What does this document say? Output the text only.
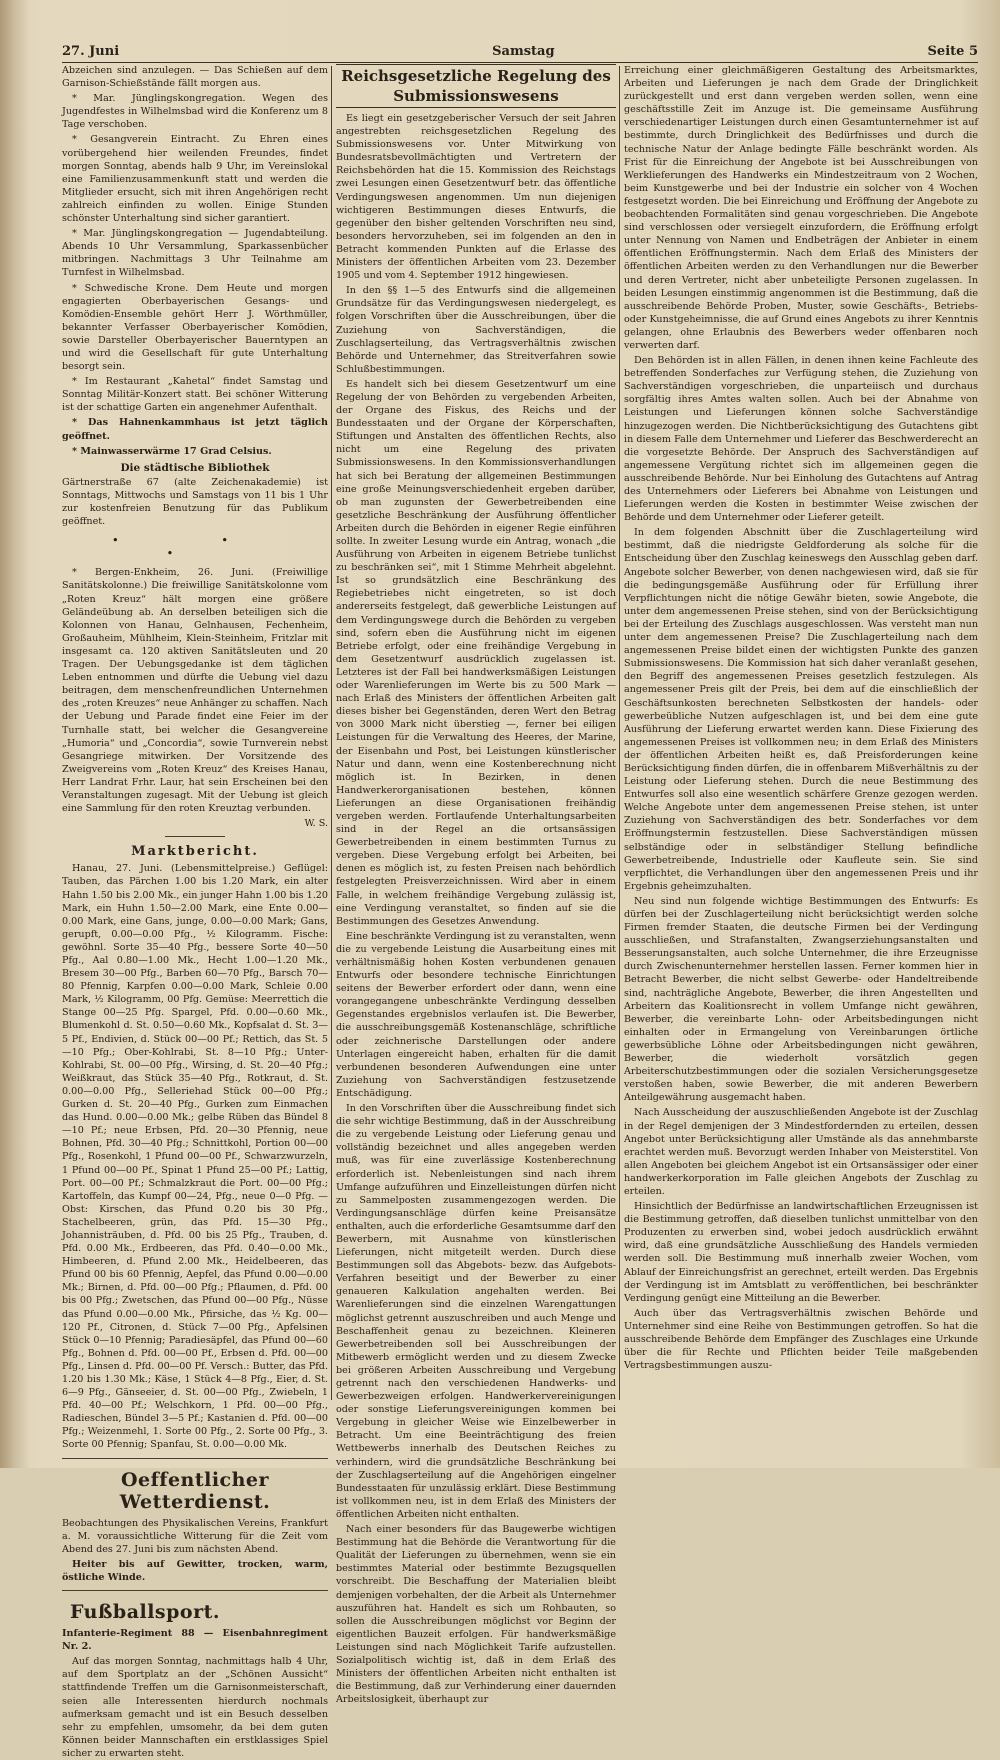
27. Juni	Samstag	Seite 5

Abzeichen sind anzulegen. — Das Schießen auf dem Garnison-Schießstände fällt morgen aus.

* Mar. Jünglingskongregation. Wegen des Jugendfestes in Wilhelmsbad wird die Konferenz um 8 Tage verschoben.

* Gesangverein Eintracht. Zu Ehren eines vorübergehend hier weilenden Freundes, findet morgen Sonntag, abends halb 9 Uhr, im Vereinslokal eine Familienzusammenkunft statt und werden die Mitglieder ersucht, sich mit ihren Angehörigen recht zahlreich einfinden zu wollen. Einige Stunden schönster Unterhaltung sind sicher garantiert.

* Mar. Jünglingskongregation — Jugendabteilung. Abends 10 Uhr Versammlung, Sparkassenbücher mitbringen. Nachmittags 3 Uhr Teilnahme am Turnfest in Wilhelmsbad.

* Schwedische Krone. Dem Heute und morgen engagierten Oberbayerischen Gesangs- und Komödien-Ensemble gehört Herr J. Wörthmüller, bekannter Verfasser Oberbayerischer Komödien, sowie Darsteller Oberbayerischer Bauerntypen an und wird die Gesellschaft für gute Unterhaltung besorgt sein.

* Im Restaurant „Kahetal“ findet Samstag und Sonntag Militär-Konzert statt. Bei schöner Witterung ist der schattige Garten ein angenehmer Aufenthalt.

* Das Hahnenkammhaus ist jetzt täglich geöffnet.

* Mainwasserwärme 17 Grad Celsius.

Die städtische Bibliothek

Gärtnerstraße 67 (alte Zeichenakademie) ist Sonntags, Mittwochs und Samstags von 11 bis 1 Uhr zur kostenfreien Benutzung für das Publikum geöffnet.

• • •

* Bergen-Enkheim, 26. Juni. (Freiwillige Sanitätskolonne.) Die freiwillige Sanitätskolonne vom „Roten Kreuz“ hält morgen eine größere Geländeübung ab. An derselben beteiligen sich die Kolonnen von Hanau, Gelnhausen, Fechenheim, Großauheim, Mühlheim, Klein-Steinheim, Fritzlar mit insgesamt ca. 120 aktiven Sanitätsleuten und 20 Tragen. Der Uebungsgedanke ist dem täglichen Leben entnommen und dürfte die Uebung viel dazu beitragen, dem menschenfreundlichen Unternehmen des „roten Kreuzes“ neue Anhänger zu schaffen. Nach der Uebung und Parade findet eine Feier im der Turnhalle statt, bei welcher die Gesangvereine „Humoria“ und „Concordia“, sowie Turnverein nebst Gesangriege mitwirken. Der Vorsitzende des Zweigvereins vom „Roten Kreuz“ des Kreises Hanau, Herr Landrat Frhr. Laur, hat sein Erscheinen bei den Veranstaltungen zugesagt. Mit der Uebung ist gleich eine Sammlung für den roten Kreuztag verbunden.

W. S.

Marktbericht.

Hanau, 27. Juni. (Lebensmittelpreise.) Geflügel: Tauben, das Pärchen 1.00 bis 1.20 Mark, ein alter Hahn 1.50 bis 2.00 Mk., ein junger Hahn 1.00 bis 1.20 Mark, ein Huhn 1.50—2.00 Mark, eine Ente 0.00—0.00 Mark, eine Gans, junge, 0.00—0.00 Mark; Gans, gerupft, 0.00—0.00 Pfg., ½ Kilogramm. Fische: gewöhnl. Sorte 35—40 Pfg., bessere Sorte 40—50 Pfg., Aal 0.80—1.00 Mk., Hecht 1.00—1.20 Mk., Bresem 30—00 Pfg., Barben 60—70 Pfg., Barsch 70—80 Pfennig, Karpfen 0.00—0.00 Mark, Schleie 0.00 Mark, ½ Kilogramm, 00 Pfg. Gemüse: Meerrettich die Stange 00—25 Pfg. Spargel, Pfd. 0.00—0.60 Mk., Blumenkohl d. St. 0.50—0.60 Mk., Kopfsalat d. St. 3—5 Pf., Endivien, d. Stück 00—00 Pf.; Rettich, das St. 5—10 Pfg.; Ober-Kohlrabi, St. 8—10 Pfg.; Unter-Kohlrabi, St. 00—00 Pfg., Wirsing, d. St. 20—40 Pfg.; Weißkraut, das Stück 35—40 Pfg., Rotkraut, d. St. 0.00—0.00 Pfg., Selleriehad Stück 00—00 Pfg.; Gurken d. St. 20—40 Pfg., Gurken zum Einmachen das Hund. 0.00—0.00 Mk.; gelbe Rüben das Bündel 8—10 Pf.; neue Erbsen, Pfd. 20—30 Pfennig, neue Bohnen, Pfd. 30—40 Pfg.; Schnittkohl, Portion 00—00 Pfg., Rosenkohl, 1 Pfund 00—00 Pf., Schwarzwurzeln, 1 Pfund 00—00 Pf., Spinat 1 Pfund 25—00 Pf.; Lattig, Port. 00—00 Pf.; Schmalzkraut die Port. 00—00 Pfg.; Kartoffeln, das Kumpf 00—24, Pfg., neue 0—0 Pfg. — Obst: Kirschen, das Pfund 0.20 bis 30 Pfg., Stachelbeeren, grün, das Pfd. 15—30 Pfg., Johannisträuben, d. Pfd. 00 bis 25 Pfg., Trauben, d. Pfd. 0.00 Mk., Erdbeeren, das Pfd. 0.40—0.00 Mk., Himbeeren, d. Pfund 2.00 Mk., Heidelbeeren, das Pfund 00 bis 60 Pfennig, Aepfel, das Pfund 0.00—0.00 Mk.; Birnen, d. Pfd. 00—00 Pfg.; Pflaumen, d. Pfd. 00 bis 00 Pfg.; Zwetschen, das Pfund 00—00 Pfg., Nüsse das Pfund 0.00—0.00 Mk., Pfirsiche, das ½ Kg. 00—120 Pf., Citronen, d. Stück 7—00 Pfg., Apfelsinen Stück 0—10 Pfennig; Paradiesäpfel, das Pfund 00—60 Pfg., Bohnen d. Pfd. 00—00 Pf., Erbsen d. Pfd. 00—00 Pfg., Linsen d. Pfd. 00—00 Pf. Versch.: Butter, das Pfd. 1.20 bis 1.30 Mk.; Käse, 1 Stück 4—8 Pfg., Eier, d. St. 6—9 Pfg., Gänseeier, d. St. 00—00 Pfg., Zwiebeln, 1 Pfd. 40—00 Pf.; Welschkorn, 1 Pfd. 00—00 Pfg., Radieschen, Bündel 3—5 Pf.; Kastanien d. Pfd. 00—00 Pfg.; Weizenmehl, 1. Sorte 00 Pfg., 2. Sorte 00 Pfg., 3. Sorte 00 Pfennig; Spanfau, St. 0.00—0.00 Mk.

Oeffentlicher Wetterdienst.

Beobachtungen des Physikalischen Vereins, Frankfurt a. M. voraussichtliche Witterung für die Zeit vom Abend des 27. Juni bis zum nächsten Abend.

Heiter bis auf Gewitter, trocken, warm, östliche Winde.

Fußballsport.

Infanterie-Regiment 88 — Eisenbahnregiment Nr. 2.

Auf das morgen Sonntag, nachmittags halb 4 Uhr, auf dem Sportplatz an der „Schönen Aussicht“ stattfindende Treffen um die Garnisonmeisterschaft, seien alle Interessenten hierdurch nochmals aufmerksam gemacht und ist ein Besuch desselben sehr zu empfehlen, umsomehr, da bei dem guten Können beider Mannschaften ein erstklassiges Spiel sicher zu erwarten steht.

Reichsgesetzliche Regelung des Submissionswesens

Es liegt ein gesetzgeberischer Versuch der seit Jahren angestrebten reichsgesetzlichen Regelung des Submissionswesens vor. Unter Mitwirkung von Bundesratsbevollmächtigten und Vertretern der Reichsbehörden hat die 15. Kommission des Reichstags zwei Lesungen einen Gesetzentwurf betr. das öffentliche Verdingungswesen angenommen. Um nun diejenigen wichtigeren Bestimmungen dieses Entwurfs, die gegenüber den bisher geltenden Vorschriften neu sind, besonders hervorzuheben, sei im folgenden an den in Betracht kommenden Punkten auf die Erlasse des Ministers der öffentlichen Arbeiten vom 23. Dezember 1905 und vom 4. September 1912 hingewiesen.

In den §§ 1—5 des Entwurfs sind die allgemeinen Grundsätze für das Verdingungswesen niedergelegt, es folgen Vorschriften über die Ausschreibungen, über die Zuziehung von Sachverständigen, die Zuschlagserteilung, das Vertragsverhältnis zwischen Behörde und Unternehmer, das Streitverfahren sowie Schlußbestimmungen.

Es handelt sich bei diesem Gesetzentwurf um eine Regelung der von Behörden zu vergebenden Arbeiten, der Organe des Fiskus, des Reichs und der Bundesstaaten und der Organe der Körperschaften, Stiftungen und Anstalten des öffentlichen Rechts, also nicht um eine Regelung des privaten Submissionswesens. In den Kommissionsverhandlungen hat sich bei Beratung der allgemeinen Bestimmungen eine große Meinungsverschiedenheit ergeben darüber, ob man zugunsten der Gewerbetreibenden eine gesetzliche Beschränkung der Ausführung öffentlicher Arbeiten durch die Behörden in eigener Regie einführen sollte. In zweiter Lesung wurde ein Antrag, wonach „die Ausführung von Arbeiten in eigenem Betriebe tunlichst zu beschränken sei“, mit 1 Stimme Mehrheit abgelehnt. Ist so grundsätzlich eine Beschränkung des Regiebetriebes nicht eingetreten, so ist doch andererseits festgelegt, daß gewerbliche Leistungen auf dem Verdingungswege durch die Behörden zu vergeben sind, sofern eben die Ausführung nicht im eigenen Betriebe erfolgt, oder eine freihändige Vergebung in dem Gesetzentwurf ausdrücklich zugelassen ist. Letzteres ist der Fall bei handwerksmäßigen Leistungen oder Warenlieferungen im Werte bis zu 500 Mark — nach Erlaß des Ministers der öffentlichen Arbeiten galt dieses bisher bei Gegenständen, deren Wert den Betrag von 3000 Mark nicht überstieg —, ferner bei eiligen Leistungen für die Verwaltung des Heeres, der Marine, der Eisenbahn und Post, bei Leistungen künstlerischer Natur und dann, wenn eine Kostenberechnung nicht möglich ist. In Bezirken, in denen Handwerkerorganisationen bestehen, können Lieferungen an diese Organisationen freihändig vergeben werden. Fortlaufende Unterhaltungsarbeiten sind in der Regel an die ortsansässigen Gewerbetreibenden in einem bestimmten Turnus zu vergeben. Diese Vergebung erfolgt bei Arbeiten, bei denen es möglich ist, zu festen Preisen nach behördlich festgelegten Preisverzeichnissen. Wird aber in einem Falle, in welchem freihändige Vergebung zulässig ist, eine Verdingung veranstaltet, so finden auf sie die Bestimmungen des Gesetzes Anwendung.

Eine beschränkte Verdingung ist zu veranstalten, wenn die zu vergebende Leistung die Ausarbeitung eines mit verhältnismäßig hohen Kosten verbundenen genauen Entwurfs oder besondere technische Einrichtungen seitens der Bewerber erfordert oder dann, wenn eine vorangegangene unbeschränkte Verdingung desselben Gegenstandes ergebnislos verlaufen ist. Die Bewerber, die ausschreibungsgemäß Kostenanschläge, schriftliche oder zeichnerische Darstellungen oder andere Unterlagen eingereicht haben, erhalten für die damit verbundenen besonderen Aufwendungen eine unter Zuziehung von Sachverständigen festzusetzende Entschädigung.

In den Vorschriften über die Ausschreibung findet sich die sehr wichtige Bestimmung, daß in der Ausschreibung die zu vergebende Leistung oder Lieferung genau und vollständig bezeichnet und alles angegeben werden muß, was für eine zuverlässige Kostenberechnung erforderlich ist. Nebenleistungen sind nach ihrem Umfange aufzuführen und Einzelleistungen dürfen nicht zu Sammelposten zusammengezogen werden. Die Verdingungsanschläge dürfen keine Preisansätze enthalten, auch die erforderliche Gesamtsumme darf den Bewerbern, mit Ausnahme von künstlerischen Lieferungen, nicht mitgeteilt werden. Durch diese Bestimmungen soll das Abgebots- bezw. das Aufgebots-Verfahren beseitigt und der Bewerber zu einer genaueren Kalkulation angehalten werden. Bei Warenlieferungen sind die einzelnen Warengattungen möglichst getrennt auszuschreiben und auch Menge und Beschaffenheit genau zu bezeichnen. Kleineren Gewerbetreibenden soll bei Ausschreibungen der Mitbewerb ermöglicht werden und zu diesem Zwecke bei größeren Arbeiten Ausschreibung und Vergebung getrennt nach den verschiedenen Handwerks- und Gewerbezweigen erfolgen. Handwerkervereinigungen oder sonstige Lieferungsvereinigungen kommen bei Vergebung in gleicher Weise wie Einzelbewerber in Betracht. Um eine Beeinträchtigung des freien Wettbewerbs innerhalb des Deutschen Reiches zu verhindern, wird die grundsätzliche Beschränkung bei der Zuschlagserteilung auf die Angehörigen eingelner Bundesstaaten für unzulässig erklärt. Diese Bestimmung ist vollkommen neu, ist in dem Erlaß des Ministers der öffentlichen Arbeiten nicht enthalten.

Nach einer besonders für das Baugewerbe wichtigen Bestimmung hat die Behörde die Verantwortung für die Qualität der Lieferungen zu übernehmen, wenn sie ein bestimmtes Material oder bestimmte Bezugsquellen vorschreibt. Die Beschaffung der Materialien bleibt demjenigen vorbehalten, der die Arbeit als Unternehmer auszuführen hat. Handelt es sich um Rohbauten, so sollen die Ausschreibungen möglichst vor Beginn der eigentlichen Bauzeit erfolgen. Für handwerksmäßige Leistungen sind nach Möglichkeit Tarife aufzustellen. Sozialpolitisch wichtig ist, daß in dem Erlaß des Ministers der öffentlichen Arbeiten nicht enthalten ist die Bestimmung, daß zur Verhinderung einer dauernden Arbeitslosigkeit, überhaupt zur

Erreichung einer gleichmäßigeren Gestaltung des Arbeitsmarktes, Arbeiten und Lieferungen je nach dem Grade der Dringlichkeit zurückgestellt und erst dann vergeben werden sollen, wenn eine geschäftsstille Zeit im Anzuge ist. Die gemeinsame Ausführung verschiedenartiger Leistungen durch einen Gesamtunternehmer ist auf bestimmte, durch Dringlichkeit des Bedürfnisses und durch die technische Natur der Anlage bedingte Fälle beschränkt worden. Als Frist für die Einreichung der Angebote ist bei Ausschreibungen von Werklieferungen des Handwerks ein Mindestzeitraum von 2 Wochen, beim Kunstgewerbe und bei der Industrie ein solcher von 4 Wochen festgesetzt worden. Die bei Einreichung und Eröffnung der Angebote zu beobachtenden Formalitäten sind genau vorgeschrieben. Die Angebote sind verschlossen oder versiegelt einzufordern, die Eröffnung erfolgt unter Nennung von Namen und Endbeträgen der Anbieter in einem öffentlichen Eröffnungstermin. Nach dem Erlaß des Ministers der öffentlichen Arbeiten werden zu den Verhandlungen nur die Bewerber und deren Vertreter, nicht aber unbeteiligte Personen zugelassen. In beiden Lesungen einstimmig angenommen ist die Bestimmung, daß die ausschreibende Behörde Proben, Muster, sowie Geschäfts-, Betriebs- oder Kunstgeheimnisse, die auf Grund eines Angebots zu ihrer Kenntnis gelangen, ohne Erlaubnis des Bewerbers weder offenbaren noch verwerten darf.

Den Behörden ist in allen Fällen, in denen ihnen keine Fachleute des betreffenden Sonderfaches zur Verfügung stehen, die Zuziehung von Sachverständigen vorgeschrieben, die unparteiisch und durchaus sorgfältig ihres Amtes walten sollen. Auch bei der Abnahme von Leistungen und Lieferungen können solche Sachverständige hinzugezogen werden. Die Nichtberücksichtigung des Gutachtens gibt in diesem Falle dem Unternehmer und Lieferer das Beschwerderecht an die vorgesetzte Behörde. Der Anspruch des Sachverständigen auf angemessene Vergütung richtet sich im allgemeinen gegen die ausschreibende Behörde. Nur bei Einholung des Gutachtens auf Antrag des Unternehmers oder Lieferers bei Abnahme von Leistungen und Lieferungen werden die Kosten in bestimmter Weise zwischen der Behörde und dem Unternehmer oder Lieferer geteilt.

In dem folgenden Abschnitt über die Zuschlagerteilung wird bestimmt, daß die niedrigste Geldforderung als solche für die Entscheidung über den Zuschlag keineswegs den Ausschlag geben darf. Angebote solcher Bewerber, von denen nachgewiesen wird, daß sie für die bedingungsgemäße Ausführung oder für Erfüllung ihrer Verpflichtungen nicht die nötige Gewähr bieten, sowie Angebote, die unter dem angemessenen Preise stehen, sind von der Berücksichtigung bei der Erteilung des Zuschlags ausgeschlossen. Was versteht man nun unter dem angemessenen Preise? Die Zuschlagerteilung nach dem angemessenen Preise bildet einen der wichtigsten Punkte des ganzen Submissionswesens. Die Kommission hat sich daher veranlaßt gesehen, den Begriff des angemessenen Preises gesetzlich festzulegen. Als angemessener Preis gilt der Preis, bei dem auf die einschließlich der Geschäftsunkosten berechneten Selbstkosten der handels- oder gewerbeübliche Nutzen aufgeschlagen ist, und bei dem eine gute Ausführung der Lieferung erwartet werden kann. Diese Fixierung des angemessenen Preises ist vollkommen neu; in dem Erlaß des Ministers der öffentlichen Arbeiten heißt es, daß Preisforderungen keine Berücksichtigung finden dürfen, die in offenbarem Mißverhältnis zu der Leistung oder Lieferung stehen. Durch die neue Bestimmung des Entwurfes soll also eine wesentlich schärfere Grenze gezogen werden. Welche Angebote unter dem angemessenen Preise stehen, ist unter Zuziehung von Sachverständigen des betr. Sonderfaches vor dem Eröffnungstermin festzustellen. Diese Sachverständigen müssen selbständige oder in selbständiger Stellung befindliche Gewerbetreibende, Industrielle oder Kaufleute sein. Sie sind verpflichtet, die Verhandlungen über den angemessenen Preis und ihr Ergebnis geheimzuhalten.

Neu sind nun folgende wichtige Bestimmungen des Entwurfs: Es dürfen bei der Zuschlagerteilung nicht berücksichtigt werden solche Firmen fremder Staaten, die deutsche Firmen bei der Verdingung ausschließen, und Strafanstalten, Zwangserziehungsanstalten und Besserungsanstalten, auch solche Unternehmer, die ihre Erzeugnisse durch Zwischenunternehmer herstellen lassen. Ferner kommen hier in Betracht Bewerber, die nicht selbst Gewerbe- oder Handeltreibende sind, nachträgliche Angebote, Bewerber, die ihren Angestellten und Arbeitern das Koalitionsrecht in vollem Umfange nicht gewähren, Bewerber, die vereinbarte Lohn- oder Arbeitsbedingungen nicht einhalten oder in Ermangelung von Vereinbarungen örtliche gewerbsübliche Löhne oder Arbeitsbedingungen nicht gewähren, Bewerber, die wiederholt vorsätzlich gegen Arbeiterschutzbestimmungen oder die sozialen Versicherungsgesetze verstoßen haben, sowie Bewerber, die mit anderen Bewerbern Anteilgewährung ausgemacht haben.

Nach Ausscheidung der auszuschließenden Angebote ist der Zuschlag in der Regel demjenigen der 3 Mindestfordernden zu erteilen, dessen Angebot unter Berücksichtigung aller Umstände als das annehmbarste erachtet werden muß. Bevorzugt werden Inhaber von Meisterstitel. Von allen Angeboten bei gleichem Angebot ist ein Ortsansässiger oder einer handwerkerkorporation im Falle gleichen Angebots der Zuschlag zu erteilen.

Hinsichtlich der Bedürfnisse an landwirtschaftlichen Erzeugnissen ist die Bestimmung getroffen, daß dieselben tunlichst unmittelbar von den Produzenten zu erwerben sind, wobei jedoch ausdrücklich erwähnt wird, daß eine grundsätzliche Ausschließung des Handels vermieden werden soll. Die Bestimmung muß innerhalb zweier Wochen, vom Ablauf der Einreichungsfrist an gerechnet, erteilt werden. Das Ergebnis der Verdingung ist im Amtsblatt zu veröffentlichen, bei beschränkter Verdingung genügt eine Mitteilung an die Bewerber.

Auch über das Vertragsverhältnis zwischen Behörde und Unternehmer sind eine Reihe von Bestimmungen getroffen. So hat die ausschreibende Behörde dem Empfänger des Zuschlages eine Urkunde über die für Rechte und Pflichten beider Teile maßgebenden Vertragsbestimmungen auszu-
